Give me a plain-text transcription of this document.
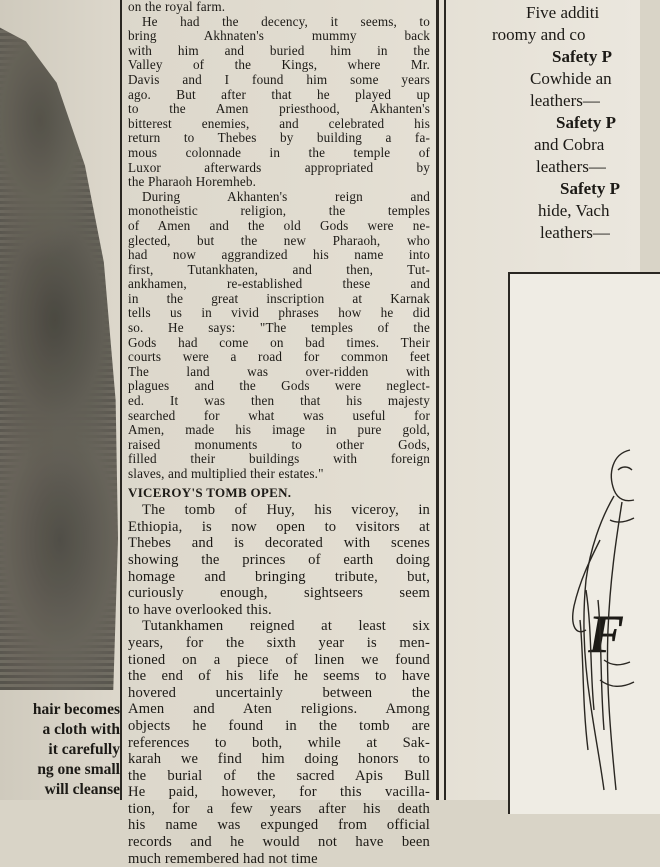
hair becomes
a cloth with
it carefully
ng one small
will cleanse
on the royal farm.
He had the decency, it seems, to
bring Akhnaten's mummy back
with him and buried him in the
Valley of the Kings, where Mr.
Davis and I found him some years
ago. But after that he played up
to the Amen priesthood, Akhanten's
bitterest enemies, and celebrated his
return to Thebes by building a fa-
mous colonnade in the temple of
Luxor afterwards appropriated by
the Pharaoh Horemheb.
During Akhanten's reign and
monotheistic religion, the temples
of Amen and the old Gods were ne-
glected, but the new Pharaoh, who
had now aggrandized his name into
first, Tutankhaten, and then, Tut-
ankhamen, re-established these and
in the great inscription at Karnak
tells us in vivid phrases how he did
so. He says: "The temples of the
Gods had come on bad times. Their
courts were a road for common feet
The land was over-ridden with
plagues and the Gods were neglect-
ed. It was then that his majesty
searched for what was useful for
Amen, made his image in pure gold,
raised monuments to other Gods,
filled their buildings with foreign
slaves, and multiplied their estates."
VICEROY'S TOMB OPEN.
The tomb of Huy, his viceroy, in
Ethiopia, is now open to visitors at
Thebes and is decorated with scenes
showing the princes of earth doing
homage and bringing tribute, but,
curiously enough, sightseers seem
to have overlooked this.
Tutankhamen reigned at least six
years, for the sixth year is men-
tioned on a piece of linen we found
the end of his life he seems to have
hovered uncertainly between the
Amen and Aten religions. Among
objects he found in the tomb are
references to both, while at Sak-
karah we find him doing honors to
the burial of the sacred Apis Bull
He paid, however, for this vacilla-
tion, for a few years after his death
his name was expunged from official
records and he would not have been
much remembered had not time
Five additi
roomy and co
Safety P
Cowhide an
leathers—
Safety P
and Cobra
leathers—
Safety P
hide, Vach
leathers—
F
